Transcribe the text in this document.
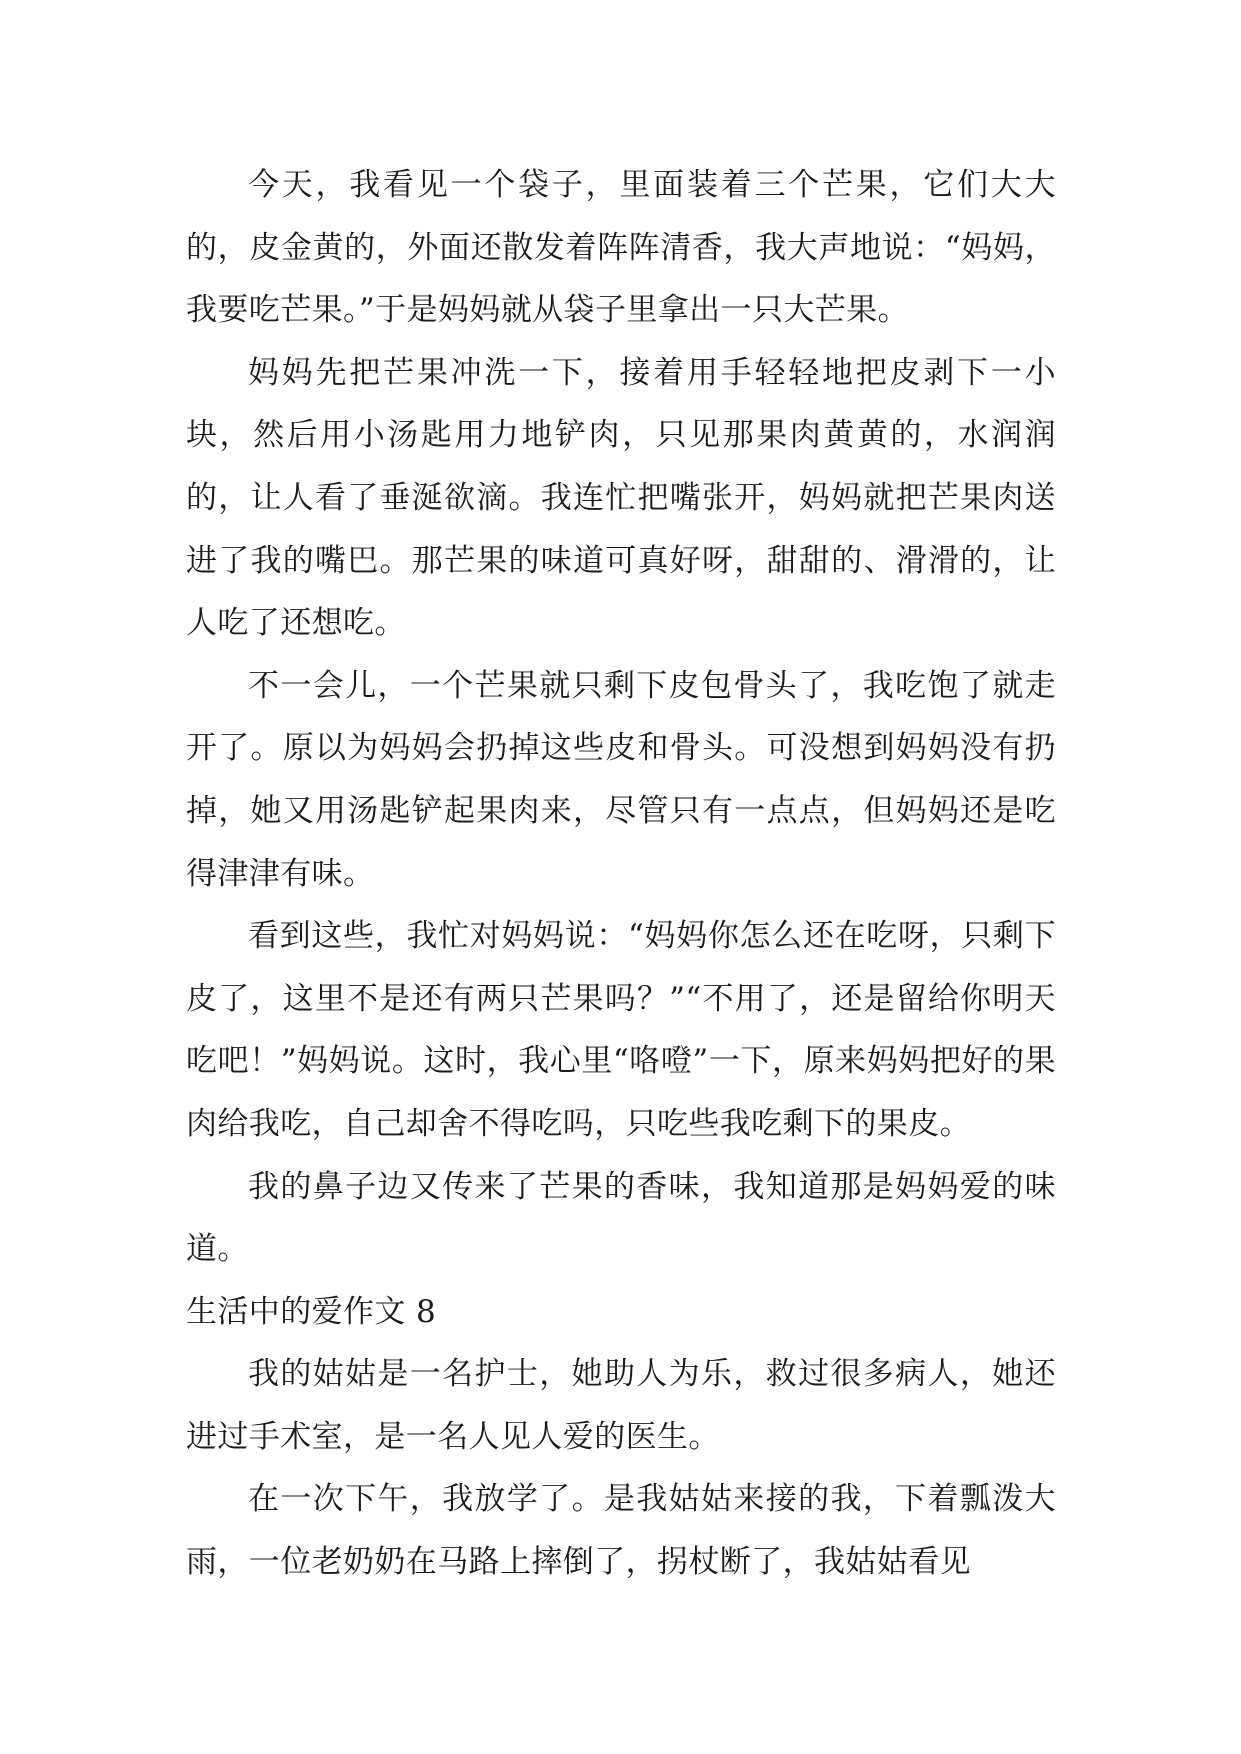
今天，我看见一个袋子，里面装着三个芒果，它们大大的，皮金黄的，外面还散发着阵阵清香，我大声地说：“妈妈，我要吃芒果。”于是妈妈就从袋子里拿出一只大芒果。

妈妈先把芒果冲洗一下，接着用手轻轻地把皮剥下一小块，然后用小汤匙用力地铲肉，只见那果肉黄黄的，水润润的，让人看了垂涎欲滴。我连忙把嘴张开，妈妈就把芒果肉送进了我的嘴巴。那芒果的味道可真好呀，甜甜的、滑滑的，让人吃了还想吃。

不一会儿，一个芒果就只剩下皮包骨头了，我吃饱了就走开了。原以为妈妈会扔掉这些皮和骨头。可没想到妈妈没有扔掉，她又用汤匙铲起果肉来，尽管只有一点点，但妈妈还是吃得津津有味。

看到这些，我忙对妈妈说：“妈妈你怎么还在吃呀，只剩下皮了，这里不是还有两只芒果吗？”“不用了，还是留给你明天吃吧！”妈妈说。这时，我心里“咯噔”一下，原来妈妈把好的果肉给我吃，自己却舍不得吃吗，只吃些我吃剩下的果皮。

我的鼻子边又传来了芒果的香味，我知道那是妈妈爱的味道。

生活中的爱作文 8

我的姑姑是一名护士，她助人为乐，救过很多病人，她还进过手术室，是一名人见人爱的医生。

在一次下午，我放学了。是我姑姑来接的我，下着瓢泼大雨，一位老奶奶在马路上摔倒了，拐杖断了，我姑姑看见
